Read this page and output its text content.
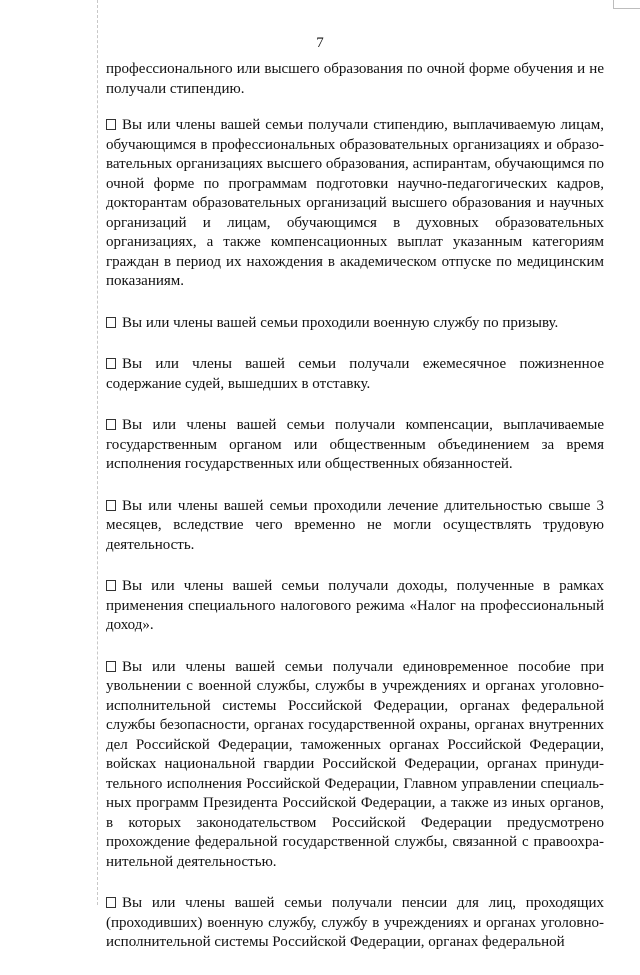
7

профессионального или высшего образования по очной форме обучения и не получали стипендию.

Вы или члены вашей семьи получали стипендию, выплачиваемую лицам, обучающимся в профессиональных образовательных организациях и образовательных организациях высшего образования, аспирантам, обучающимся по очной форме по программам подготовки научно-педагогических кадров, докторантам образовательных организаций высшего образования и научных организаций и лицам, обучающимся в духовных образовательных организациях, а также компенсационных выплат указанным категориям граждан в период их нахождения в академическом отпуске по медицинским показаниям.

Вы или члены вашей семьи проходили военную службу по призыву.

Вы или члены вашей семьи получали ежемесячное пожизненное содержание судей, вышедших в отставку.

Вы или члены вашей семьи получали компенсации, выплачиваемые государственным органом или общественным объединением за время исполнения государственных или общественных обязанностей.

Вы или члены вашей семьи проходили лечение длительностью свыше 3 месяцев, вследствие чего временно не могли осуществлять трудовую деятельность.

Вы или члены вашей семьи получали доходы, полученные в рамках применения специального налогового режима «Налог на профессиональный доход».

Вы или члены вашей семьи получали единовременное пособие при увольнении с военной службы, службы в учреждениях и органах уголовно-исполнительной системы Российской Федерации, органах федеральной службы безопасности, органах государственной охраны, органах внутренних дел Российской Федерации, таможенных органах Российской Федерации, войсках национальной гвардии Российской Федерации, органах принудительного исполнения Российской Федерации, Главном управлении специальных программ Президента Российской Федерации, а также из иных органов, в которых законодательством Российской Федерации предусмотрено прохождение федеральной государственной службы, связанной с правоохранительной деятельностью.

Вы или члены вашей семьи получали пенсии для лиц, проходящих (проходивших) военную службу, службу в учреждениях и органах уголовно-исполнительной системы Российской Федерации, органах федеральной
